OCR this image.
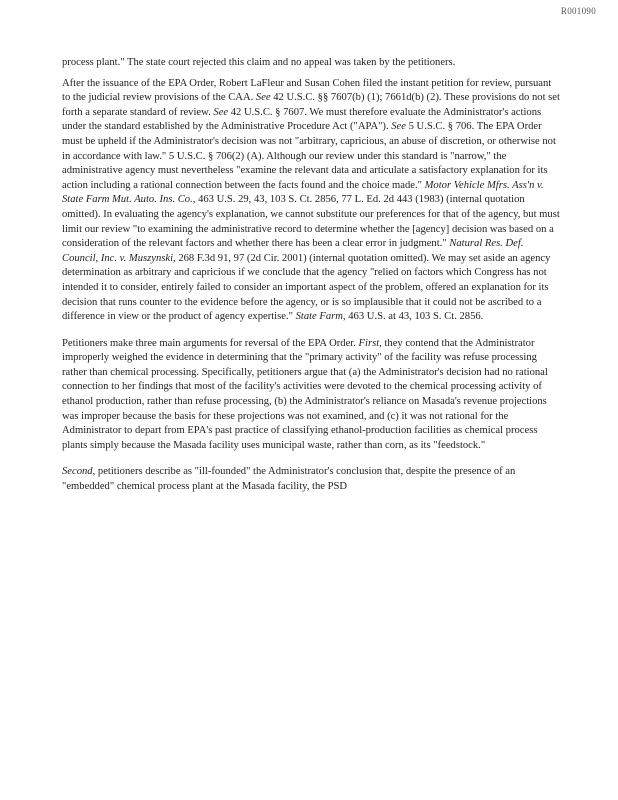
R001090

process plant." The state court rejected this claim and no appeal was taken by the petitioners.

After the issuance of the EPA Order, Robert LaFleur and Susan Cohen filed the instant petition for review, pursuant to the judicial review provisions of the CAA. See 42 U.S.C. §§ 7607(b) (1); 7661d(b) (2). These provisions do not set forth a separate standard of review. See 42 U.S.C. § 7607. We must therefore evaluate the Administrator's actions under the standard established by the Administrative Procedure Act ("APA"). See 5 U.S.C. § 706. The EPA Order must be upheld if the Administrator's decision was not "arbitrary, capricious, an abuse of discretion, or otherwise not in accordance with law." 5 U.S.C. § 706(2) (A). Although our review under this standard is "narrow," the administrative agency must nevertheless "examine the relevant data and articulate a satisfactory explanation for its action including a rational connection between the facts found and the choice made." Motor Vehicle Mfrs. Ass'n v. State Farm Mut. Auto. Ins. Co., 463 U.S. 29, 43, 103 S. Ct. 2856, 77 L. Ed. 2d 443 (1983) (internal quotation omitted). In evaluating the agency's explanation, we cannot substitute our preferences for that of the agency, but must limit our review "to examining the administrative record to determine whether the [agency] decision was based on a consideration of the relevant factors and whether there has been a clear error in judgment." Natural Res. Def. Council, Inc. v. Muszynski, 268 F.3d 91, 97 (2d Cir. 2001) (internal quotation omitted). We may set aside an agency determination as arbitrary and capricious if we conclude that the agency "relied on factors which Congress has not intended it to consider, entirely failed to consider an important aspect of the problem, offered an explanation for its decision that runs counter to the evidence before the agency, or is so implausible that it could not be ascribed to a difference in view or the product of agency expertise." State Farm, 463 U.S. at 43, 103 S. Ct. 2856.

Petitioners make three main arguments for reversal of the EPA Order. First, they contend that the Administrator improperly weighed the evidence in determining that the "primary activity" of the facility was refuse processing rather than chemical processing. Specifically, petitioners argue that (a) the Administrator's decision had no rational connection to her findings that most of the facility's activities were devoted to the chemical processing activity of ethanol production, rather than refuse processing, (b) the Administrator's reliance on Masada's revenue projections was improper because the basis for these projections was not examined, and (c) it was not rational for the Administrator to depart from EPA's past practice of classifying ethanol-production facilities as chemical process plants simply because the Masada facility uses municipal waste, rather than corn, as its "feedstock."

Second, petitioners describe as "ill-founded" the Administrator's conclusion that, despite the presence of an "embedded" chemical process plant at the Masada facility, the PSD
